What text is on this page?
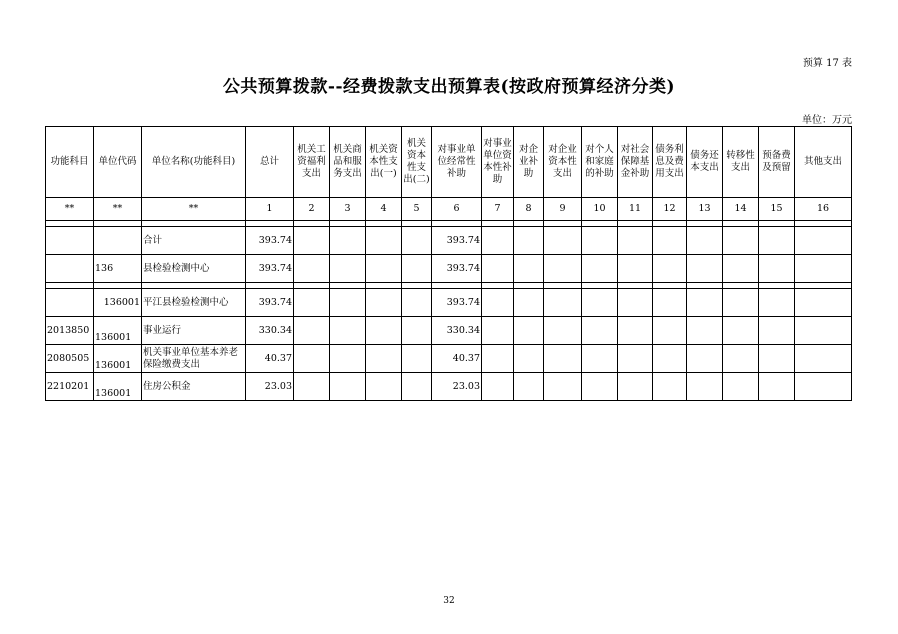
预算 17 表
公共预算拨款--经费拨款支出预算表(按政府预算经济分类)
单位：万元
功能科目	单位代码	单位名称(功能科目)	总计	机关工资福利支出	机关商品和服务支出	机关资本性支出(一)	机关资本性支出(二)	对事业单位经常性补助	对事业单位资本性补助	对企业补助	对企业资本性支出	对个人和家庭的补助	对社会保障基金补助	债务利息及费用支出	债务还本支出	转移性支出	预备费及预留	其他支出
**	**	**	1	2	3	4	5	6	7	8	9	10	11	12	13	14	15	16

		合计	393.74					393.74										
	136	县检验检测中心	393.74					393.74										

	136001	平江县检验检测中心	393.74					393.74										
2013850	136001	事业运行	330.34					330.34										
2080505	136001	机关事业单位基本养老保险缴费支出	40.37					40.37										
2210201	136001	住房公积金	23.03					23.03										
32
